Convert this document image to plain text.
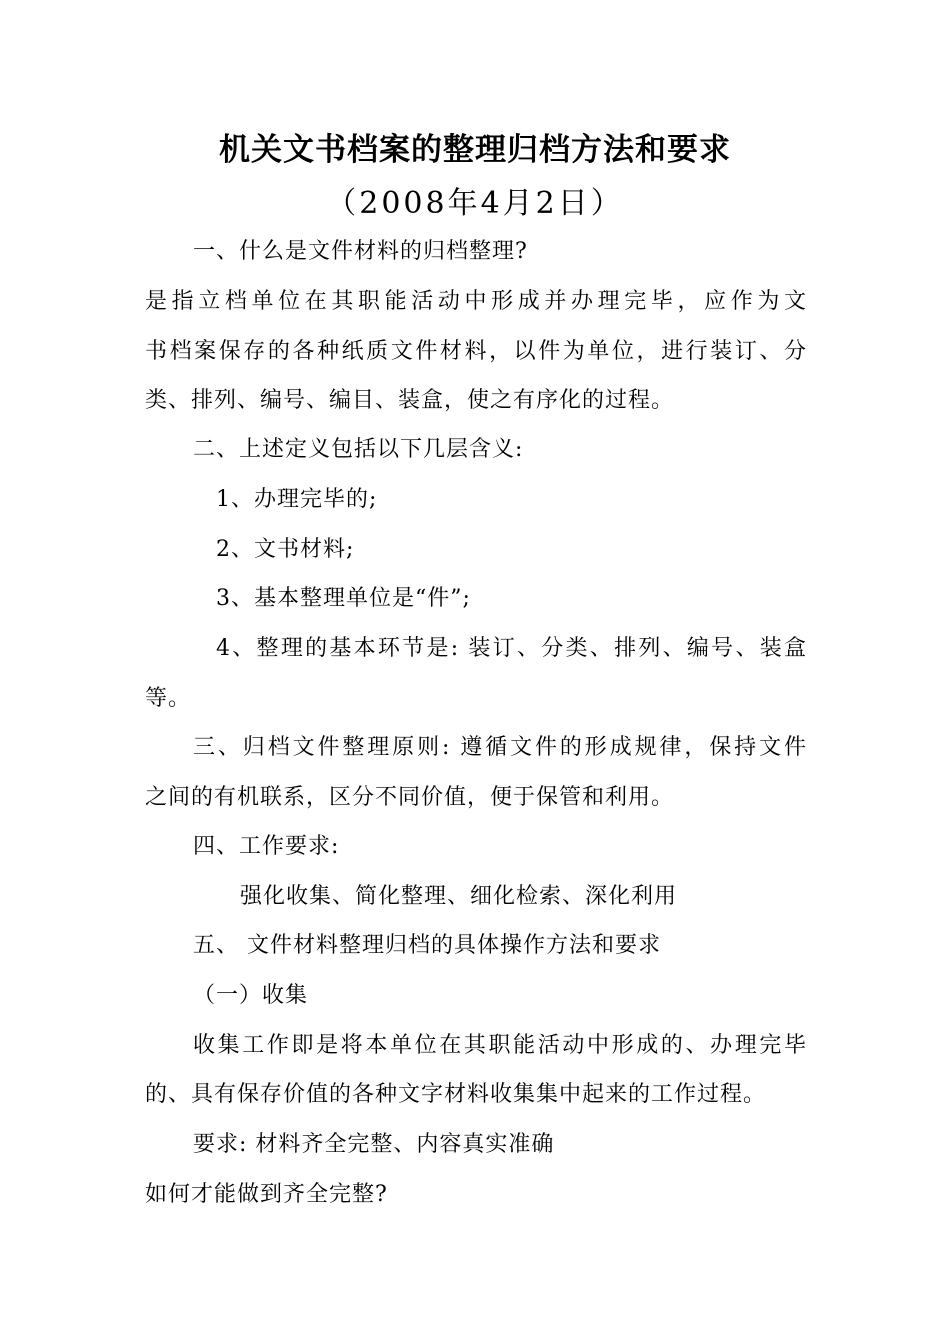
机关文书档案的整理归档方法和要求
（2008年4月2日）
一、什么是文件材料的归档整理?
是指立档单位在其职能活动中形成并办理完毕，应作为文
书档案保存的各种纸质文件材料，以件为单位，进行装订、分
类、排列、编号、编目、装盒，使之有序化的过程。
二、上述定义包括以下几层含义:
1、办理完毕的;
2、文书材料;
3、基本整理单位是“件”;
4、整理的基本环节是: 装订、分类、排列、编号、装盒
等。
三、归档文件整理原则: 遵循文件的形成规律，保持文件
之间的有机联系，区分不同价值，便于保管和利用。
四、工作要求:
强化收集、简化整理、细化检索、深化利用
五、 文件材料整理归档的具体操作方法和要求
（一）收集
收集工作即是将本单位在其职能活动中形成的、办理完毕
的、具有保存价值的各种文字材料收集集中起来的工作过程。
要求: 材料齐全完整、内容真实准确
如何才能做到齐全完整?
